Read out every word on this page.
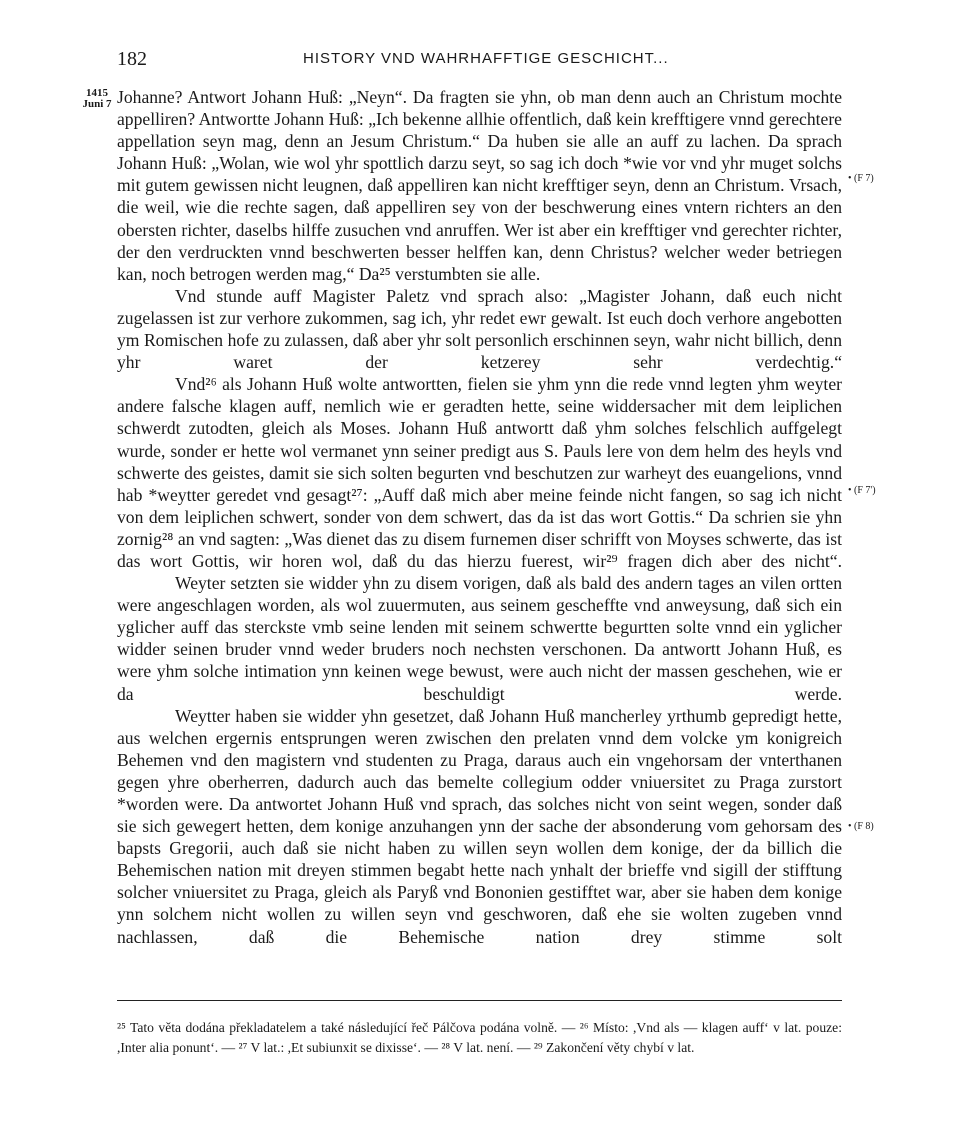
182	HISTORY VND WAHRHAFFTIGE GESCHICHT...
1415
Juni 7
• (F 7)
• (F 7')
• (F 8)

Johanne? Antwort Johann Huß: „Neyn“. Da fragten sie yhn, ob man denn auch an Christum mochte appelliren? Antwortte Johann Huß: „Ich bekenne allhie offentlich, daß kein krefftigere vnnd gerechtere appellation seyn mag, denn an Jesum Christum.“ Da huben sie alle an auff zu lachen. Da sprach Johann Huß: „Wolan, wie wol yhr spottlich darzu seyt, so sag ich doch *wie vor vnd yhr muget solchs mit gutem gewissen nicht leugnen, daß appelliren kan nicht krefftiger seyn, denn an Christum. Vrsach, die weil, wie die rechte sagen, daß appelliren sey von der beschwerung eines vntern richters an den obersten richter, daselbs hilffe zusuchen vnd anruffen. Wer ist aber ein krefftiger vnd gerechter richter, der den verdruckten vnnd beschwerten besser helffen kan, denn Christus? welcher weder betriegen kan, noch betrogen werden mag,“ Da²⁵ verstumbten sie alle.

Vnd stunde auff Magister Paletz vnd sprach also: „Magister Johann, daß euch nicht zugelassen ist zur verhore zukommen, sag ich, yhr redet ewr gewalt. Ist euch doch verhore angebotten ym Romischen hofe zu zulassen, daß aber yhr solt personlich erschinnen seyn, wahr nicht billich, denn yhr waret der ketzerey sehr verdechtig.“

Vnd²⁶ als Johann Huß wolte antwortten, fielen sie yhm ynn die rede vnnd legten yhm weyter andere falsche klagen auff, nemlich wie er geradten hette, seine widdersacher mit dem leiplichen schwerdt zutodten, gleich als Moses. Johann Huß antwortt daß yhm solches felschlich auffgelegt wurde, sonder er hette wol vermanet ynn seiner predigt aus S. Pauls lere von dem helm des heyls vnd schwerte des geistes, damit sie sich solten begurten vnd beschutzen zur warheyt des euangelions, vnnd hab *weytter geredet vnd gesagt²⁷: „Auff daß mich aber meine feinde nicht fangen, so sag ich nicht von dem leiplichen schwert, sonder von dem schwert, das da ist das wort Gottis.“ Da schrien sie yhn zornig²⁸ an vnd sagten: „Was dienet das zu disem furnemen diser schrifft von Moyses schwerte, das ist das wort Gottis, wir horen wol, daß du das hierzu fuerest, wir²⁹ fragen dich aber des nicht“.

Weyter setzten sie widder yhn zu disem vorigen, daß als bald des andern tages an vilen ortten were angeschlagen worden, als wol zuuermuten, aus seinem gescheffte vnd anweysung, daß sich ein yglicher auff das sterckste vmb seine lenden mit seinem schwertte begurtten solte vnnd ein yglicher widder seinen bruder vnnd weder bruders noch nechsten verschonen. Da antwortt Johann Huß, es were yhm solche intimation ynn keinen wege bewust, were auch nicht der massen geschehen, wie er da beschuldigt werde.

Weytter haben sie widder yhn gesetzet, daß Johann Huß mancherley yrthumb gepredigt hette, aus welchen ergernis entsprungen weren zwischen den prelaten vnnd dem volcke ym konigreich Behemen vnd den magistern vnd studenten zu Praga, daraus auch ein vngehorsam der vnterthanen gegen yhre oberherren, dadurch auch das bemelte collegium odder vniuersitet zu Praga zurstort *worden were. Da antwortet Johann Huß vnd sprach, das solches nicht von seint wegen, sonder daß sie sich gewegert hetten, dem konige anzuhangen ynn der sache der absonderung vom gehorsam des bapsts Gregorii, auch daß sie nicht haben zu willen seyn wollen dem konige, der da billich die Behemischen nation mit dreyen stimmen begabt hette nach ynhalt der brieffe vnd sigill der stifftung solcher vniuersitet zu Praga, gleich als Paryß vnd Bononien gestifftet war, aber sie haben dem konige ynn solchem nicht wollen zu willen seyn vnd geschworen, daß ehe sie wolten zugeben vnnd nachlassen, daß die Behemische nation drey stimme solt

²⁵ Tato věta dodána překladatelem a také následující řeč Pálčova podána volně. — ²⁶ Místo: ,Vnd als — klagen auff‘ v lat. pouze: ,Inter alia ponunt‘. — ²⁷ V lat.: ,Et subiunxit se dixisse‘. — ²⁸ V lat. není. — ²⁹ Zakončení věty chybí v lat.
